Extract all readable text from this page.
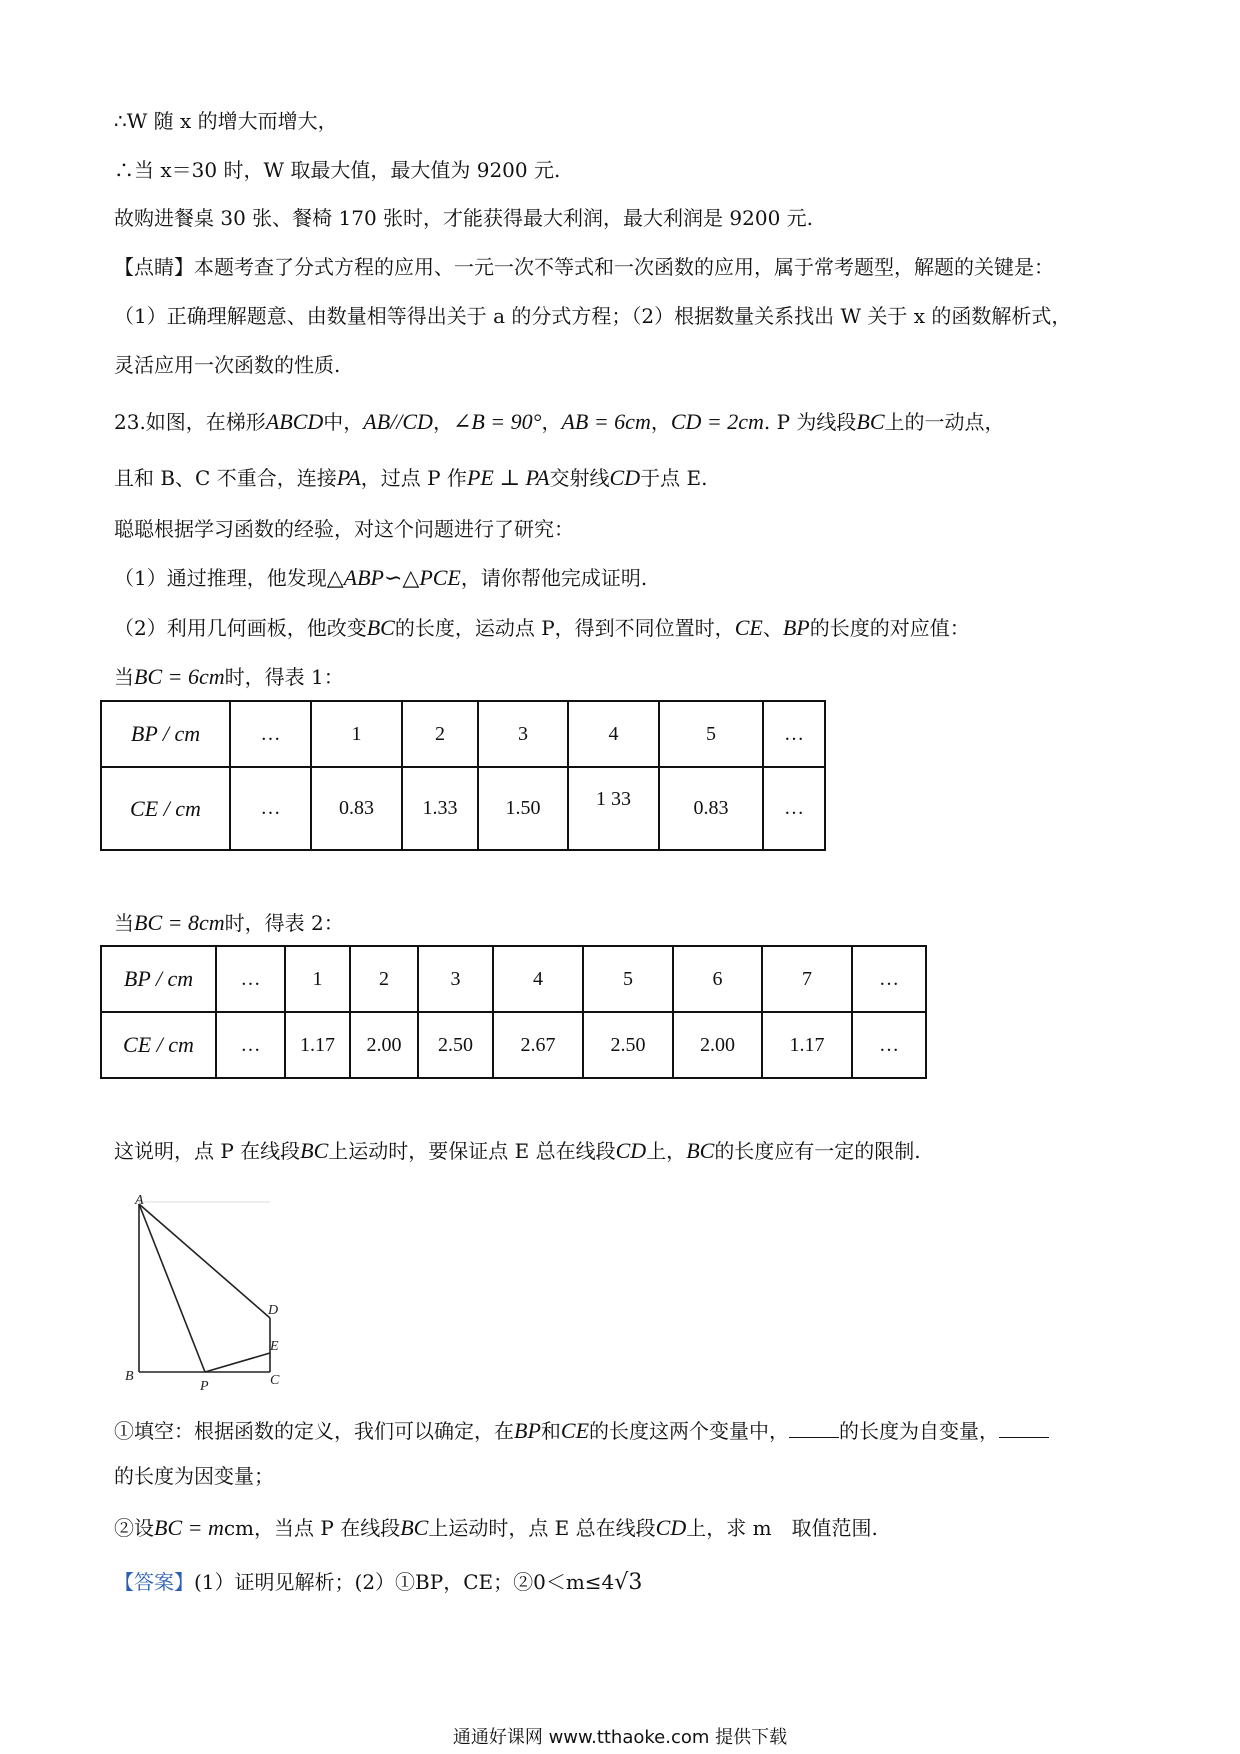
∴W 随 x 的增大而增大，
∴当 x＝30 时，W 取最大值，最大值为 9200 元.
故购进餐桌 30 张、餐椅 170 张时，才能获得最大利润，最大利润是 9200 元.
【点睛】本题考查了分式方程的应用、一元一次不等式和一次函数的应用，属于常考题型，解题的关键是：
（1）正确理解题意、由数量相等得出关于 a 的分式方程；（2）根据数量关系找出 W 关于 x 的函数解析式，
灵活应用一次函数的性质.
23.如图，在梯形ABCD中，AB//CD，∠B = 90°，AB = 6cm，CD = 2cm. P 为线段BC上的一动点，
且和 B、C 不重合，连接PA，过点 P 作PE ⊥ PA交射线CD于点 E.
聪聪根据学习函数的经验，对这个问题进行了研究：
（1）通过推理，他发现△ABP∽△PCE，请你帮他完成证明.
（2）利用几何画板，他改变BC的长度，运动点 P，得到不同位置时，CE、BP的长度的对应值：
当BC = 6cm时，得表 1：
BP / cm	…	1	2	3	4	5	…
CE / cm	…	0.83	1.33	1.50	1 33	0.83	…
当BC = 8cm时，得表 2：
BP / cm	…	1	2	3	4	5	6	7	…
CE / cm	…	1.17	2.00	2.50	2.67	2.50	2.00	1.17	…
这说明，点 P 在线段BC上运动时，要保证点 E 总在线段CD上，BC的长度应有一定的限制.
A
B	C
D
E
P
①填空：根据函数的定义，我们可以确定，在BP和CE的长度这两个变量中，	的长度为自变量，
的长度为因变量；
②设BC = mcm，当点 P 在线段BC上运动时，点 E 总在线段CD上，求 m　取值范围.
【答案】(1）证明见解析；(2）①BP，CE；②0＜m≤4√3
通通好课网 www.tthaoke.com 提供下载
